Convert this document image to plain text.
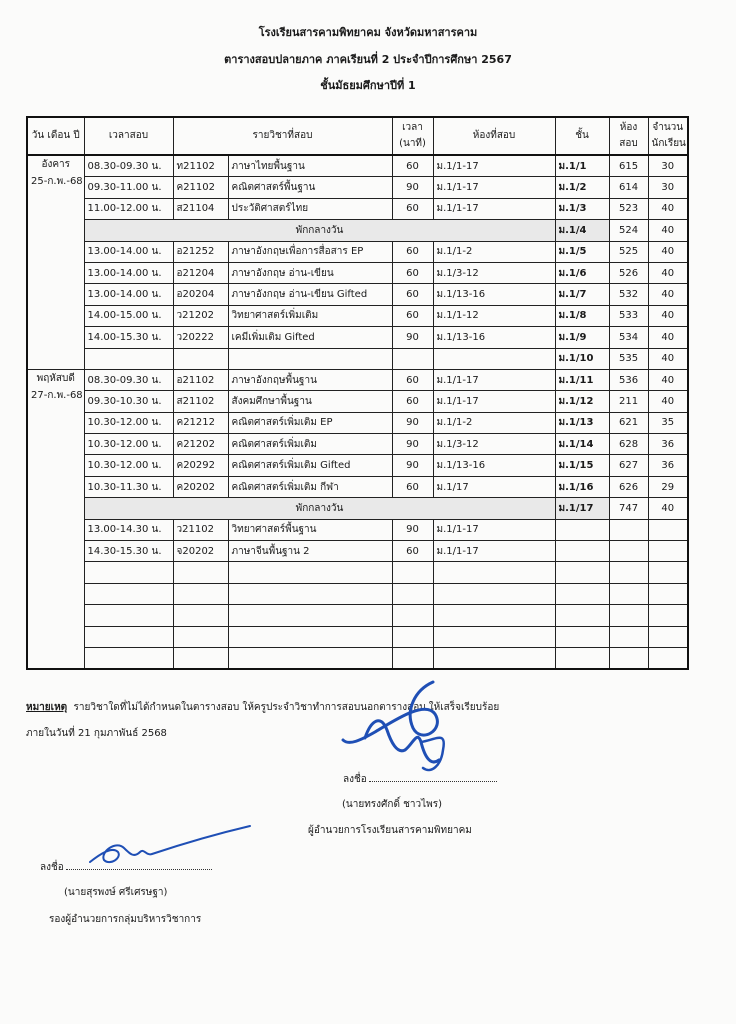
โรงเรียนสารคามพิทยาคม จังหวัดมหาสารคาม
ตารางสอบปลายภาค ภาคเรียนที่ 2 ประจำปีการศึกษา 2567
ชั้นมัธยมศึกษาปีที่ 1
วัน เดือน ปี	เวลาสอบ	รายวิชาที่สอบ		เวลา (นาที)	ห้องที่สอบ	ชั้น	ห้องสอบ	จำนวนนักเรียน

อังคาร
25-ก.พ.-68	08.30-09.30 น.	ท21102	ภาษาไทยพื้นฐาน	60	ม.1/1-17	ม.1/1	615	30
	09.30-11.00 น.	ค21102	คณิตศาสตร์พื้นฐาน	90	ม.1/1-17	ม.1/2	614	30
	11.00-12.00 น.	ส21104	ประวัติศาสตร์ไทย	60	ม.1/1-17	ม.1/3	523	40
	พักกลางวัน					ม.1/4	524	40
	13.00-14.00 น.	อ21252	ภาษาอังกฤษเพื่อการสื่อสาร EP	60	ม.1/1-2	ม.1/5	525	40
	13.00-14.00 น.	อ21204	ภาษาอังกฤษ อ่าน-เขียน	60	ม.1/3-12	ม.1/6	526	40
	13.00-14.00 น.	อ20204	ภาษาอังกฤษ อ่าน-เขียน Gifted	60	ม.1/13-16	ม.1/7	532	40
	14.00-15.00 น.	ว21202	วิทยาศาสตร์เพิ่มเติม	60	ม.1/1-12	ม.1/8	533	40
	14.00-15.30 น.	ว20222	เคมีเพิ่มเติม Gifted	90	ม.1/13-16	ม.1/9	534	40
						ม.1/10	535	40

พฤหัสบดี
27-ก.พ.-68	08.30-09.30 น.	อ21102	ภาษาอังกฤษพื้นฐาน	60	ม.1/1-17	ม.1/11	536	40
	09.30-10.30 น.	ส21102	สังคมศึกษาพื้นฐาน	60	ม.1/1-17	ม.1/12	211	40
	10.30-12.00 น.	ค21212	คณิตศาสตร์เพิ่มเติม EP	90	ม.1/1-2	ม.1/13	621	35
	10.30-12.00 น.	ค21202	คณิตศาสตร์เพิ่มเติม	90	ม.1/3-12	ม.1/14	628	36
	10.30-12.00 น.	ค20292	คณิตศาสตร์เพิ่มเติม Gifted	90	ม.1/13-16	ม.1/15	627	36
	10.30-11.30 น.	ค20202	คณิตศาสตร์เพิ่มเติม กีฬา	60	ม.1/17	ม.1/16	626	29
	พักกลางวัน					ม.1/17	747	40
	13.00-14.30 น.	ว21102	วิทยาศาสตร์พื้นฐาน	90	ม.1/1-17			
	14.30-15.30 น.	จ20202	ภาษาจีนพื้นฐาน 2	60	ม.1/1-17			

หมายเหตุ รายวิชาใดที่ไม่ได้กำหนดในตารางสอบ ให้ครูประจำวิชาทำการสอบนอกตารางสอบ ให้เสร็จเรียบร้อย
ภายในวันที่ 21 กุมภาพันธ์ 2568
ลงชื่อ
(นายทรงศักดิ์ ชาวไพร)
ผู้อำนวยการโรงเรียนสารคามพิทยาคม
ลงชื่อ
(นายสุรพงษ์ ศรีเศรษฐา)
รองผู้อำนวยการกลุ่มบริหารวิชาการ
